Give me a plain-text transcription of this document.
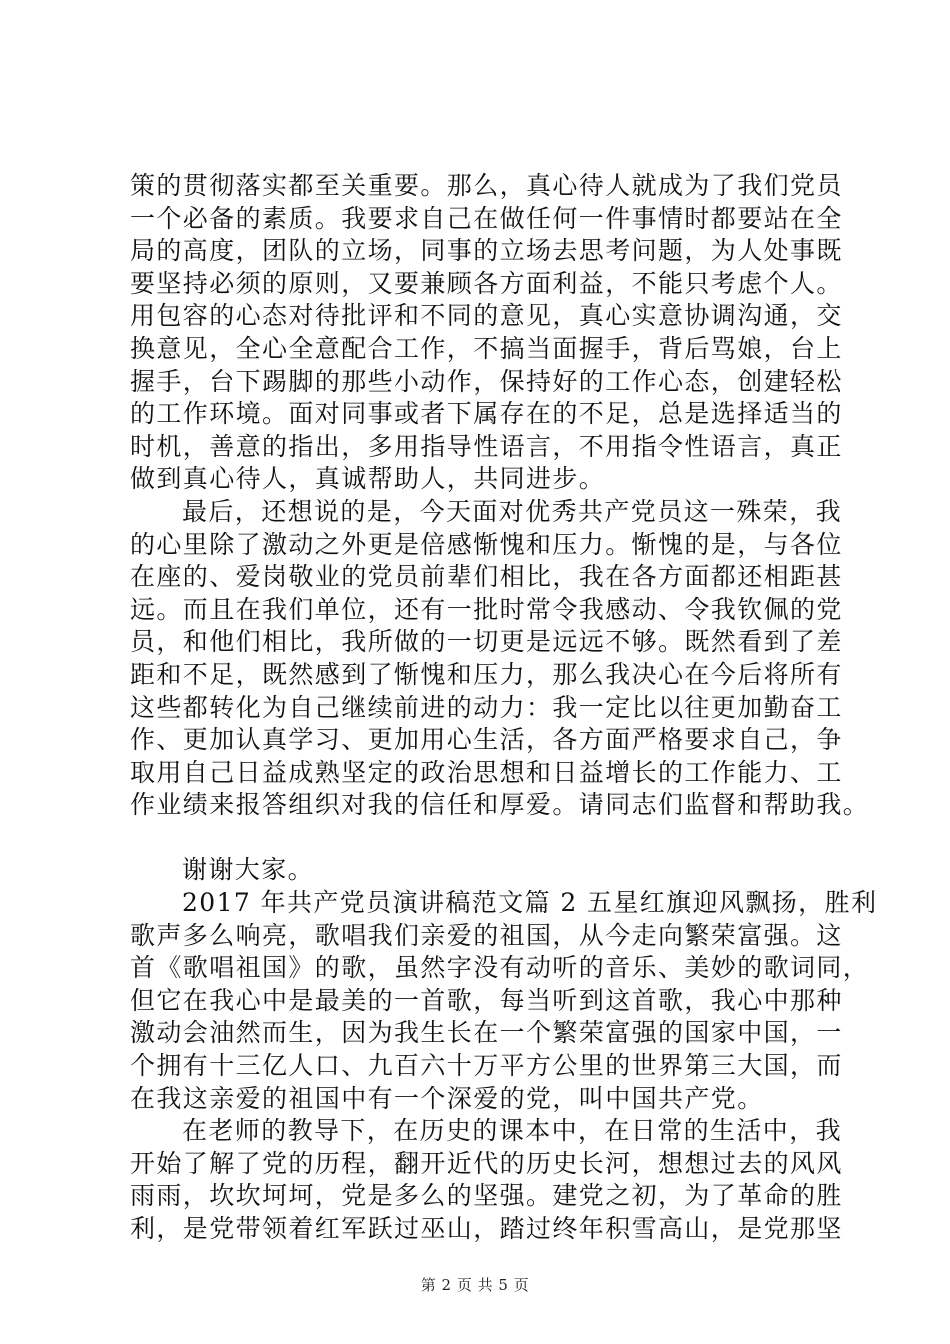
策的贯彻落实都至关重要。那么，真心待人就成为了我们党员
一个必备的素质。我要求自己在做任何一件事情时都要站在全
局的高度，团队的立场，同事的立场去思考问题，为人处事既
要坚持必须的原则，又要兼顾各方面利益，不能只考虑个人。
用包容的心态对待批评和不同的意见，真心实意协调沟通，交
换意见，全心全意配合工作，不搞当面握手，背后骂娘，台上
握手，台下踢脚的那些小动作，保持好的工作心态，创建轻松
的工作环境。面对同事或者下属存在的不足，总是选择适当的
时机，善意的指出，多用指导性语言，不用指令性语言，真正
做到真心待人，真诚帮助人，共同进步。
最后，还想说的是，今天面对优秀共产党员这一殊荣，我
的心里除了激动之外更是倍感惭愧和压力。惭愧的是，与各位
在座的、爱岗敬业的党员前辈们相比，我在各方面都还相距甚
远。而且在我们单位，还有一批时常令我感动、令我钦佩的党
员，和他们相比，我所做的一切更是远远不够。既然看到了差
距和不足，既然感到了惭愧和压力，那么我决心在今后将所有
这些都转化为自己继续前进的动力：我一定比以往更加勤奋工
作、更加认真学习、更加用心生活，各方面严格要求自己，争
取用自己日益成熟坚定的政治思想和日益增长的工作能力、工
作业绩来报答组织对我的信任和厚爱。请同志们监督和帮助我。
谢谢大家。
2017 年共产党员演讲稿范文篇 2 五星红旗迎风飘扬，胜利
歌声多么响亮，歌唱我们亲爱的祖国，从今走向繁荣富强。这
首《歌唱祖国》的歌，虽然字没有动听的音乐、美妙的歌词同，
但它在我心中是最美的一首歌，每当听到这首歌，我心中那种
激动会油然而生，因为我生长在一个繁荣富强的国家中国，一
个拥有十三亿人口、九百六十万平方公里的世界第三大国，而
在我这亲爱的祖国中有一个深爱的党，叫中国共产党。
在老师的教导下，在历史的课本中，在日常的生活中，我
开始了解了党的历程，翻开近代的历史长河，想想过去的风风
雨雨，坎坎坷坷，党是多么的坚强。建党之初，为了革命的胜
利，是党带领着红军跃过巫山，踏过终年积雪高山，是党那坚
第 2 页 共 5 页
